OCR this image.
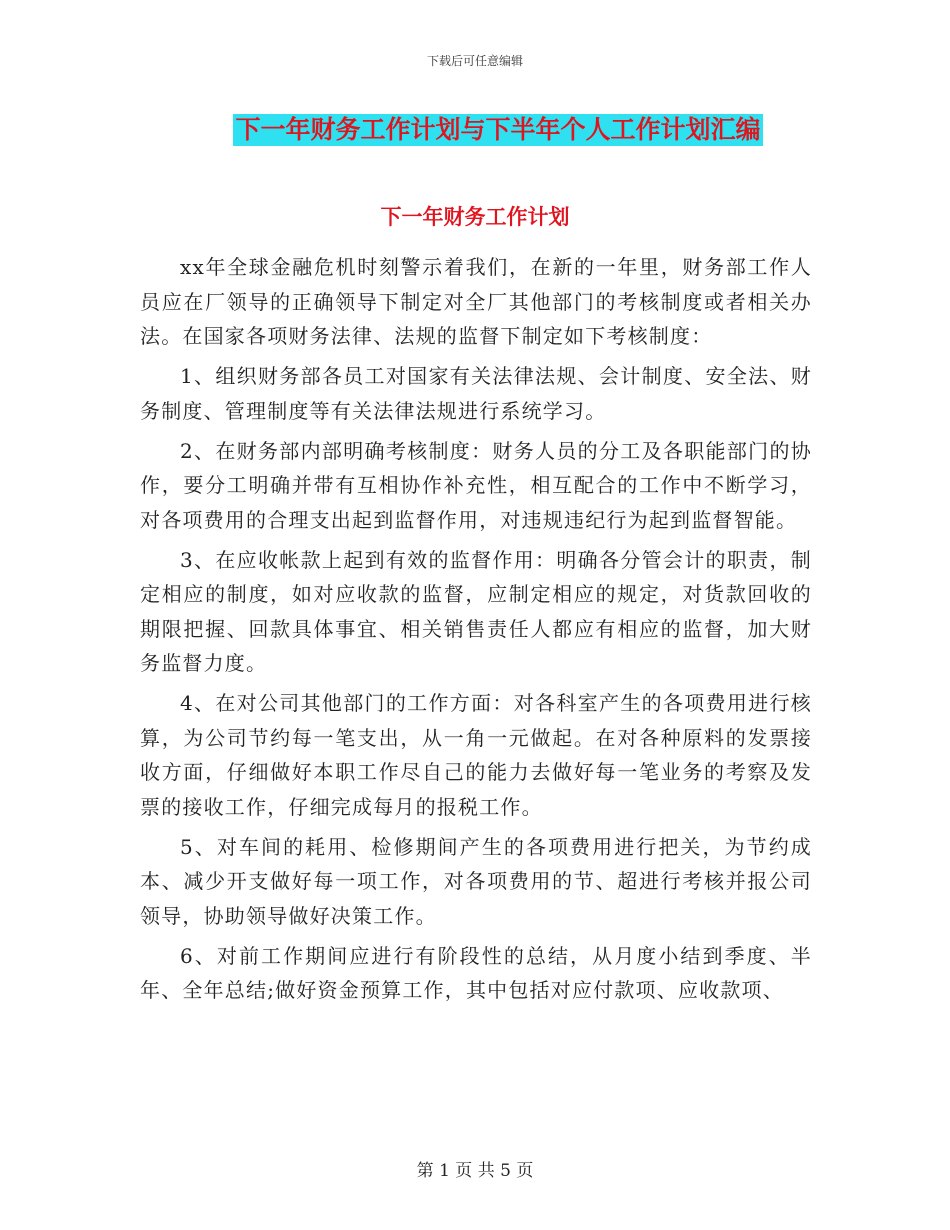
下载后可任意编辑
下一年财务工作计划与下半年个人工作计划汇编
下一年财务工作计划

xx年全球金融危机时刻警示着我们，在新的一年里，财务部工作人员应在厂领导的正确领导下制定对全厂其他部门的考核制度或者相关办法。在国家各项财务法律、法规的监督下制定如下考核制度：

1、组织财务部各员工对国家有关法律法规、会计制度、安全法、财务制度、管理制度等有关法律法规进行系统学习。

2、在财务部内部明确考核制度：财务人员的分工及各职能部门的协作，要分工明确并带有互相协作补充性，相互配合的工作中不断学习，对各项费用的合理支出起到监督作用，对违规违纪行为起到监督智能。

3、在应收帐款上起到有效的监督作用：明确各分管会计的职责，制定相应的制度，如对应收款的监督，应制定相应的规定，对货款回收的期限把握、回款具体事宜、相关销售责任人都应有相应的监督，加大财务监督力度。

4、在对公司其他部门的工作方面：对各科室产生的各项费用进行核算，为公司节约每一笔支出，从一角一元做起。在对各种原料的发票接收方面，仔细做好本职工作尽自己的能力去做好每一笔业务的考察及发票的接收工作，仔细完成每月的报税工作。

5、对车间的耗用、检修期间产生的各项费用进行把关，为节约成本、减少开支做好每一项工作，对各项费用的节、超进行考核并报公司领导，协助领导做好决策工作。

6、对前工作期间应进行有阶段性的总结，从月度小结到季度、半年、全年总结;做好资金预算工作，其中包括对应付款项、应收款项、

第 1 页 共 5 页
